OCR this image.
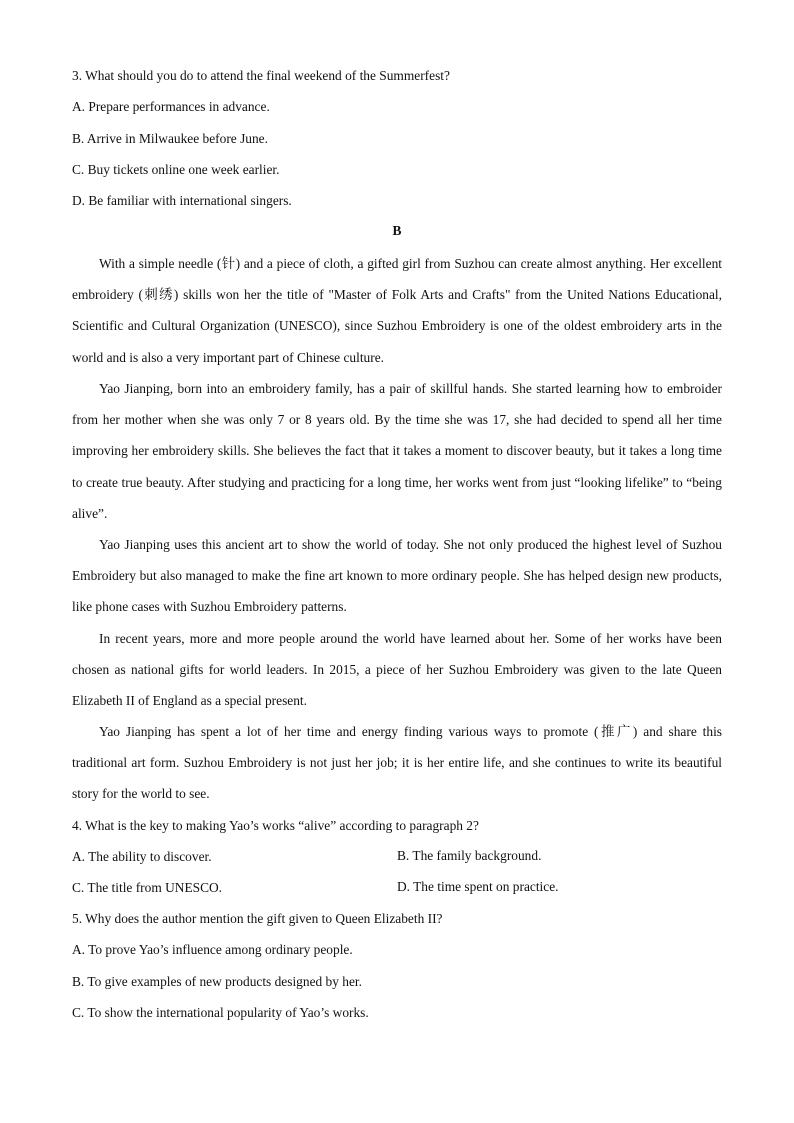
3. What should you do to attend the final weekend of the Summerfest?
A. Prepare performances in advance.
B. Arrive in Milwaukee before June.
C. Buy tickets online one week earlier.
D. Be familiar with international singers.
B

With a simple needle (针) and a piece of cloth, a gifted girl from Suzhou can create almost anything. Her excellent embroidery (刺绣) skills won her the title of "Master of Folk Arts and Crafts" from the United Nations Educational, Scientific and Cultural Organization (UNESCO), since Suzhou Embroidery is one of the oldest embroidery arts in the world and is also a very important part of Chinese culture.

Yao Jianping, born into an embroidery family, has a pair of skillful hands. She started learning how to embroider from her mother when she was only 7 or 8 years old. By the time she was 17, she had decided to spend all her time improving her embroidery skills. She believes the fact that it takes a moment to discover beauty, but it takes a long time to create true beauty. After studying and practicing for a long time, her works went from just “looking lifelike” to “being alive”.

Yao Jianping uses this ancient art to show the world of today. She not only produced the highest level of Suzhou Embroidery but also managed to make the fine art known to more ordinary people. She has helped design new products, like phone cases with Suzhou Embroidery patterns.

In recent years, more and more people around the world have learned about her. Some of her works have been chosen as national gifts for world leaders. In 2015, a piece of her Suzhou Embroidery was given to the late Queen Elizabeth II of England as a special present.

Yao Jianping has spent a lot of her time and energy finding various ways to promote (推广) and share this traditional art form. Suzhou Embroidery is not just her job; it is her entire life, and she continues to write its beautiful story for the world to see.

4. What is the key to making Yao’s works “alive” according to paragraph 2?
A. The ability to discover.	B. The family background.
C. The title from UNESCO.	D. The time spent on practice.
5. Why does the author mention the gift given to Queen Elizabeth II?
A. To prove Yao’s influence among ordinary people.
B. To give examples of new products designed by her.
C. To show the international popularity of Yao’s works.
